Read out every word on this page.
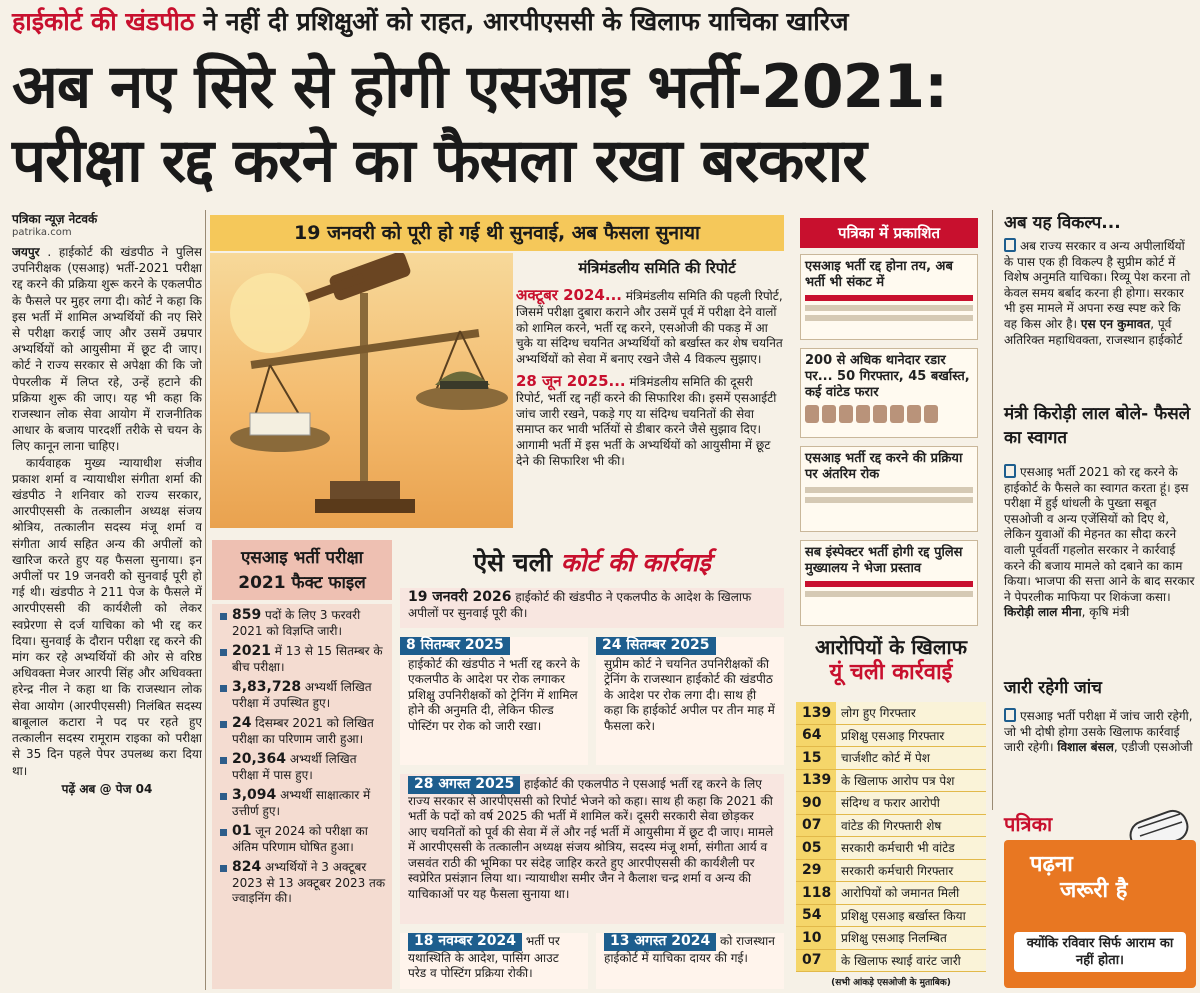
हाईकोर्ट की खंडपीठ ने नहीं दी प्रशिक्षुओं को राहत, आरपीएससी के खिलाफ याचिका खारिज
अब नए सिरे से होगी एसआइ भर्ती-2021:
परीक्षा रद्द करने का फैसला रखा बरकरार
पत्रिका न्यूज़ नेटवर्क
patrika.com

जयपुर . हाईकोर्ट की खंडपीठ ने पुलिस उपनिरीक्षक (एसआइ) भर्ती-2021 परीक्षा रद्द करने की प्रक्रिया शुरू करने के एकलपीठ के फैसले पर मुहर लगा दी। कोर्ट ने कहा कि इस भर्ती में शामिल अभ्यर्थियों की नए सिरे से परीक्षा कराई जाए और उसमें उम्रपार अभ्यर्थियों को आयुसीमा में छूट दी जाए। कोर्ट ने राज्य सरकार से अपेक्षा की कि जो पेपरलीक में लिप्त रहे, उन्हें हटाने की प्रक्रिया शुरू की जाए। यह भी कहा कि राजस्थान लोक सेवा आयोग में राजनीतिक आधार के बजाय पारदर्शी तरीके से चयन के लिए कानून लाना चाहिए।

कार्यवाहक मुख्य न्यायाधीश संजीव प्रकाश शर्मा व न्यायाधीश संगीता शर्मा की खंडपीठ ने शनिवार को राज्य सरकार, आरपीएससी के तत्कालीन अध्यक्ष संजय श्रोत्रिय, तत्कालीन सदस्य मंजू शर्मा व संगीता आर्य सहित अन्य की अपीलों को खारिज करते हुए यह फैसला सुनाया। इन अपीलों पर 19 जनवरी को सुनवाई पूरी हो गई थी। खंडपीठ ने 211 पेज के फैसले में आरपीएससी की कार्यशैली को लेकर स्वप्रेरणा से दर्ज याचिका को भी रद्द कर दिया। सुनवाई के दौरान परीक्षा रद्द करने की मांग कर रहे अभ्यर्थियों की ओर से वरिष्ठ अधिवक्ता मेजर आरपी सिंह और अधिवक्ता हरेन्द्र नील ने कहा था कि राजस्थान लोक सेवा आयोग (आरपीएससी) निलंबित सदस्य बाबूलाल कटारा ने पद पर रहते हुए तत्कालीन सदस्य रामूराम राइका को परीक्षा से 35 दिन पहले पेपर उपलब्ध करा दिया था।

पढ़ें अब @ पेज 04

19 जनवरी को पूरी हो गई थी सुनवाई, अब फैसला सुनाया
मंत्रिमंडलीय समिति की रिपोर्ट

अक्टूबर 2024... मंत्रिमंडलीय समिति की पहली रिपोर्ट, जिसमें परीक्षा दुबारा कराने और उसमें पूर्व में परीक्षा देने वालों को शामिल करने, भर्ती रद्द करने, एसओजी की पकड़ में आ चुके या संदिग्ध चयनित अभ्यर्थियों को बर्खास्त कर शेष चयनित अभ्यर्थियों को सेवा में बनाए रखने जैसे 4 विकल्प सुझाए।

28 जून 2025... मंत्रिमंडलीय समिति की दूसरी रिपोर्ट, भर्ती रद्द नहीं करने की सिफारिश की। इसमें एसआईटी जांच जारी रखने, पकड़े गए या संदिग्ध चयनितों की सेवा समाप्त कर भावी भर्तियों से डीबार करने जैसे सुझाव दिए। आगामी भर्ती में इस भर्ती के अभ्यर्थियों को आयुसीमा में छूट देने की सिफारिश भी की।

एसआइ भर्ती परीक्षा
2021 फैक्ट फाइल
859 पदों के लिए 3 फरवरी 2021 को विज्ञप्ति जारी।
2021 में 13 से 15 सितम्बर के बीच परीक्षा।
3,83,728 अभ्यर्थी लिखित परीक्षा में उपस्थित हुए।
24 दिसम्बर 2021 को लिखित परीक्षा का परिणाम जारी हुआ।
20,364 अभ्यर्थी लिखित परीक्षा में पास हुए।
3,094 अभ्यर्थी साक्षात्कार में उत्तीर्ण हुए।
01 जून 2024 को परीक्षा का अंतिम परिणाम घोषित हुआ।
824 अभ्यर्थियों ने 3 अक्टूबर 2023 से 13 अक्टूबर 2023 तक ज्वाइनिंग की।
ऐसे चली कोर्ट की कार्रवाई
19 जनवरी 2026 हाईकोर्ट की खंडपीठ ने एकलपीठ के आदेश के खिलाफ अपीलों पर सुनवाई पूरी की।
8 सितम्बर 2025
हाईकोर्ट की खंडपीठ ने भर्ती रद्द करने के एकलपीठ के आदेश पर रोक लगाकर प्रशिक्षु उपनिरीक्षकों को ट्रेनिंग में शामिल होने की अनुमति दी, लेकिन फील्ड पोस्टिंग पर रोक को जारी रखा।
24 सितम्बर 2025
सुप्रीम कोर्ट ने चयनित उपनिरीक्षकों की ट्रेनिंग के राजस्थान हाईकोर्ट की खंडपीठ के आदेश पर रोक लगा दी। साथ ही कहा कि हाईकोर्ट अपील पर तीन माह में फैसला करे।
28 अगस्त 2025 हाईकोर्ट की एकलपीठ ने एसआई भर्ती रद्द करने के लिए राज्य सरकार से आरपीएससी को रिपोर्ट भेजने को कहा। साथ ही कहा कि 2021 की भर्ती के पदों को वर्ष 2025 की भर्ती में शामिल करें। दूसरी सरकारी सेवा छोड़कर आए चयनितों को पूर्व की सेवा में लें और नई भर्ती में आयुसीमा में छूट दी जाए। मामले में आरपीएससी के तत्कालीन अध्यक्ष संजय श्रोत्रिय, सदस्य मंजू शर्मा, संगीता आर्य व जसवंत राठी की भूमिका पर संदेह जाहिर करते हुए आरपीएससी की कार्यशैली पर स्वप्रेरित प्रसंज्ञान लिया था। न्यायाधीश समीर जैन ने कैलाश चन्द्र शर्मा व अन्य की याचिकाओं पर यह फैसला सुनाया था।
18 नवम्बर 2024 भर्ती पर यथास्थिति के आदेश, पासिंग आउट परेड व पोस्टिंग प्रक्रिया रोकी।
13 अगस्त 2024 को राजस्थान हाईकोर्ट में याचिका दायर की गई।
पत्रिका में प्रकाशित
एसआइ भर्ती रद्द होना तय, अब भर्ती भी संकट में
200 से अधिक थानेदार रडार पर... 50 गिरफ्तार, 45 बर्खास्त, कई वांटेड फरार
एसआइ भर्ती रद्द करने की प्रक्रिया पर अंतरिम रोक
सब इंस्पेक्टर भर्ती होगी रद्द पुलिस मुख्यालय ने भेजा प्रस्ताव
आरोपियों के खिलाफ
यूं चली कार्रवाई
139 लोग हुए गिरफ्तार
64	प्रशिक्षु एसआइ गिरफ्तार
15	चार्जशीट कोर्ट में पेश
139 के खिलाफ आरोप पत्र पेश
90	संदिग्ध व फरार आरोपी
07	वांटेड की गिरफ्तारी शेष
05	सरकारी कर्मचारी भी वांटेड
29	सरकारी कर्मचारी गिरफ्तार
118 आरोपियों को जमानत मिली
54	प्रशिक्षु एसआइ बर्खास्त किया
10	प्रशिक्षु एसआइ निलम्बित
07	के खिलाफ स्थाई वारंट जारी
(सभी आंकड़े एसओजी के मुताबिक)
अब यह विकल्प...
अब राज्य सरकार व अन्य अपीलार्थियों के पास एक ही विकल्प है सुप्रीम कोर्ट में विशेष अनुमति याचिका। रिव्यू पेश करना तो केवल समय बर्बाद करना ही होगा। सरकार भी इस मामले में अपना रुख स्पष्ट करे कि वह किस ओर है। एस एन कुमावत, पूर्व अतिरिक्त महाधिवक्ता, राजस्थान हाईकोर्ट
मंत्री किरोड़ी लाल बोले- फैसले का स्वागत
एसआइ भर्ती 2021 को रद्द करने के हाईकोर्ट के फैसले का स्वागत करता हूं। इस परीक्षा में हुई धांधली के पुख्ता सबूत एसओजी व अन्य एजेंसियों को दिए थे, लेकिन युवाओं की मेहनत का सौदा करने वाली पूर्ववर्ती गहलोत सरकार ने कार्रवाई करने की बजाय मामले को दबाने का काम किया। भाजपा की सत्ता आने के बाद सरकार ने पेपरलीक माफिया पर शिकंजा कसा। किरोड़ी लाल मीना, कृषि मंत्री
जारी रहेगी जांच
एसआइ भर्ती परीक्षा में जांच जारी रहेगी, जो भी दोषी होगा उसके खिलाफ कार्रवाई जारी रहेगी। विशाल बंसल, एडीजी एसओजी
पत्रिका
पढ़ना
जरूरी है
क्योंकि रविवार सिर्फ आराम का नहीं होता।
